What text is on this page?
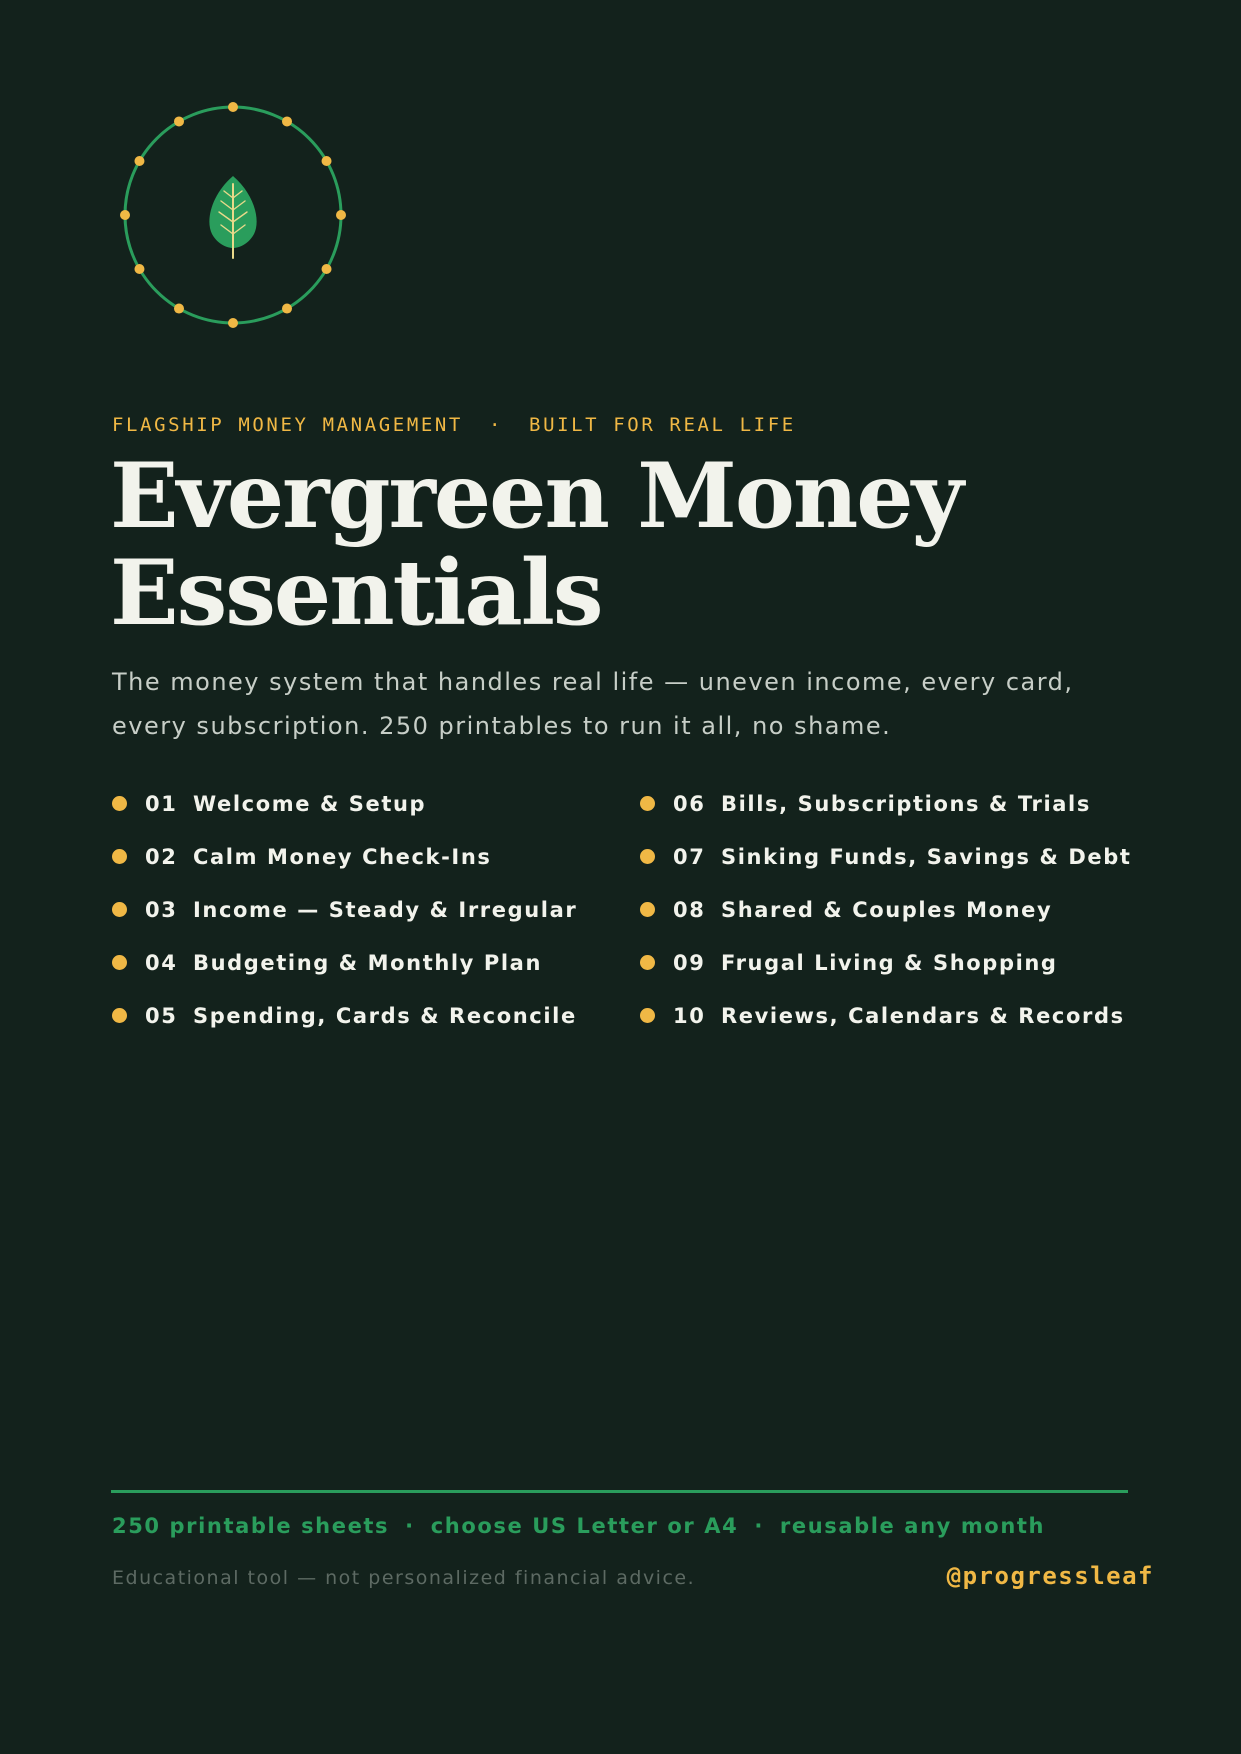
FLAGSHIP MONEY MANAGEMENT · BUILT FOR REAL LIFE
Evergreen Money
Essentials

The money system that handles real life — uneven income, every card,
every subscription. 250 printables to run it all, no shame.

01 Welcome & Setup
02 Calm Money Check-Ins
03 Income — Steady & Irregular
04 Budgeting & Monthly Plan
05 Spending, Cards & Reconcile
06 Bills, Subscriptions & Trials
07 Sinking Funds, Savings & Debt
08 Shared & Couples Money
09 Frugal Living & Shopping
10 Reviews, Calendars & Records
250 printable sheets · choose US Letter or A4 · reusable any month
Educational tool — not personalized financial advice.	@progressleaf
